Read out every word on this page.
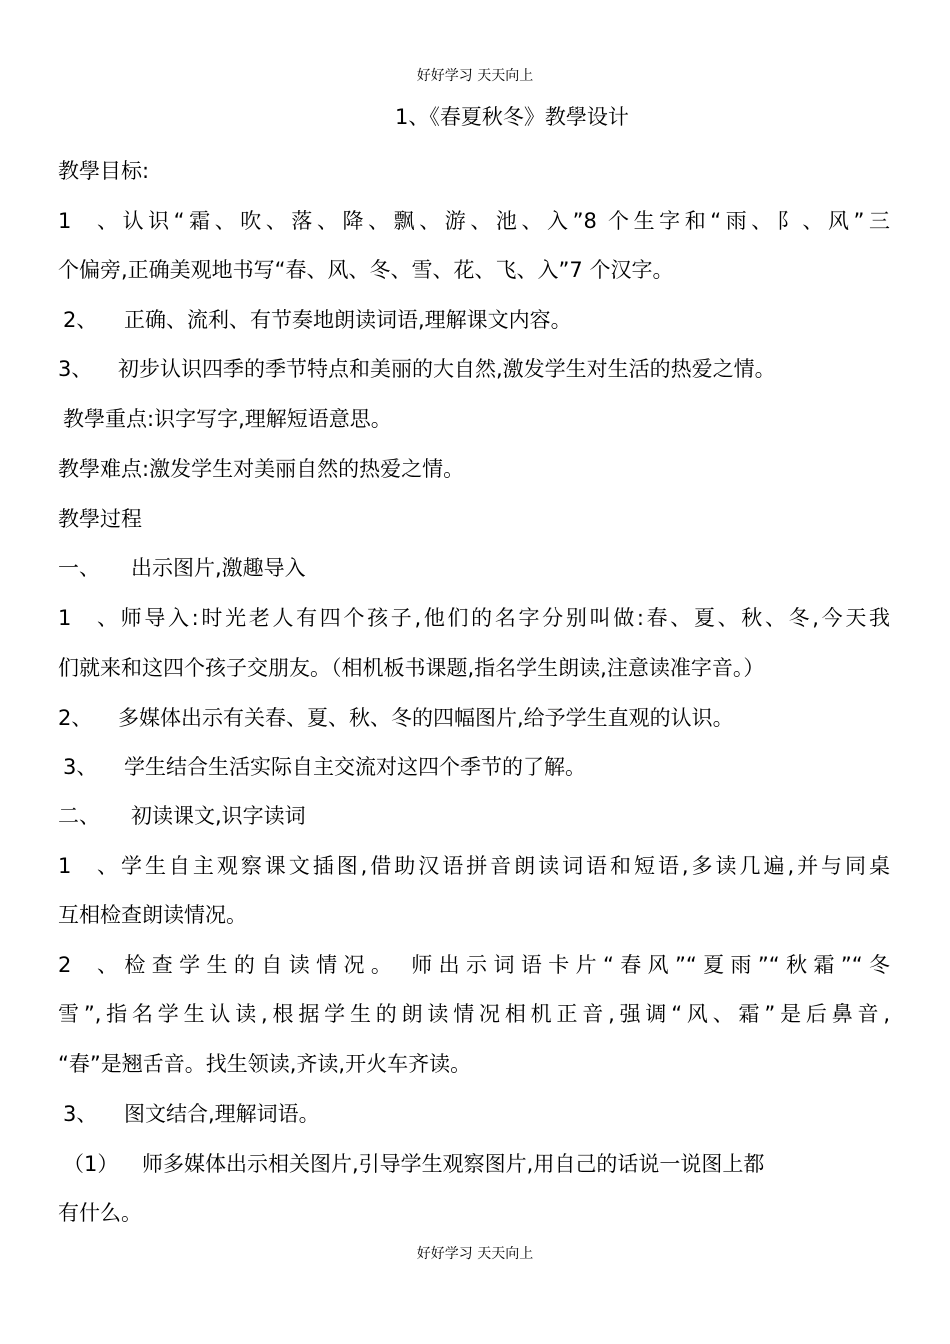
好好学习 天天向上
1、《春夏秋冬》教學设计
教學目标:
1、认识“霜、吹、落、降、飘、游、池、入”8 个生字和“雨、阝、风”三
个偏旁,正确美观地书写“春、风、冬、雪、花、飞、入”7 个汉字。
2、 正确、流利、有节奏地朗读词语,理解课文内容。
3、 初步认识四季的季节特点和美丽的大自然,激发学生对生活的热爱之情。
教學重点:识字写字,理解短语意思。
教學难点:激发学生对美丽自然的热爱之情。
教學过程
一、 出示图片,激趣导入
1、师导入:时光老人有四个孩子,他们的名字分别叫做:春、夏、秋、冬,今天我
们就来和这四个孩子交朋友。（相机板书课题,指名学生朗读,注意读准字音。）
2、 多媒体出示有关春、夏、秋、冬的四幅图片,给予学生直观的认识。
3、 学生结合生活实际自主交流对这四个季节的了解。
二、 初读课文,识字读词
1、学生自主观察课文插图,借助汉语拼音朗读词语和短语,多读几遍,并与同桌
互相检查朗读情况。
2、检查学生的自读情况。 师出示词语卡片“春风”“夏雨”“秋霜”“冬
雪”,指名学生认读,根据学生的朗读情况相机正音,强调“风、霜”是后鼻音,
“春”是翘舌音。找生领读,齐读,开火车齐读。
3、 图文结合,理解词语。
（1） 师多媒体出示相关图片,引导学生观察图片,用自己的话说一说图上都
有什么。
好好学习 天天向上
